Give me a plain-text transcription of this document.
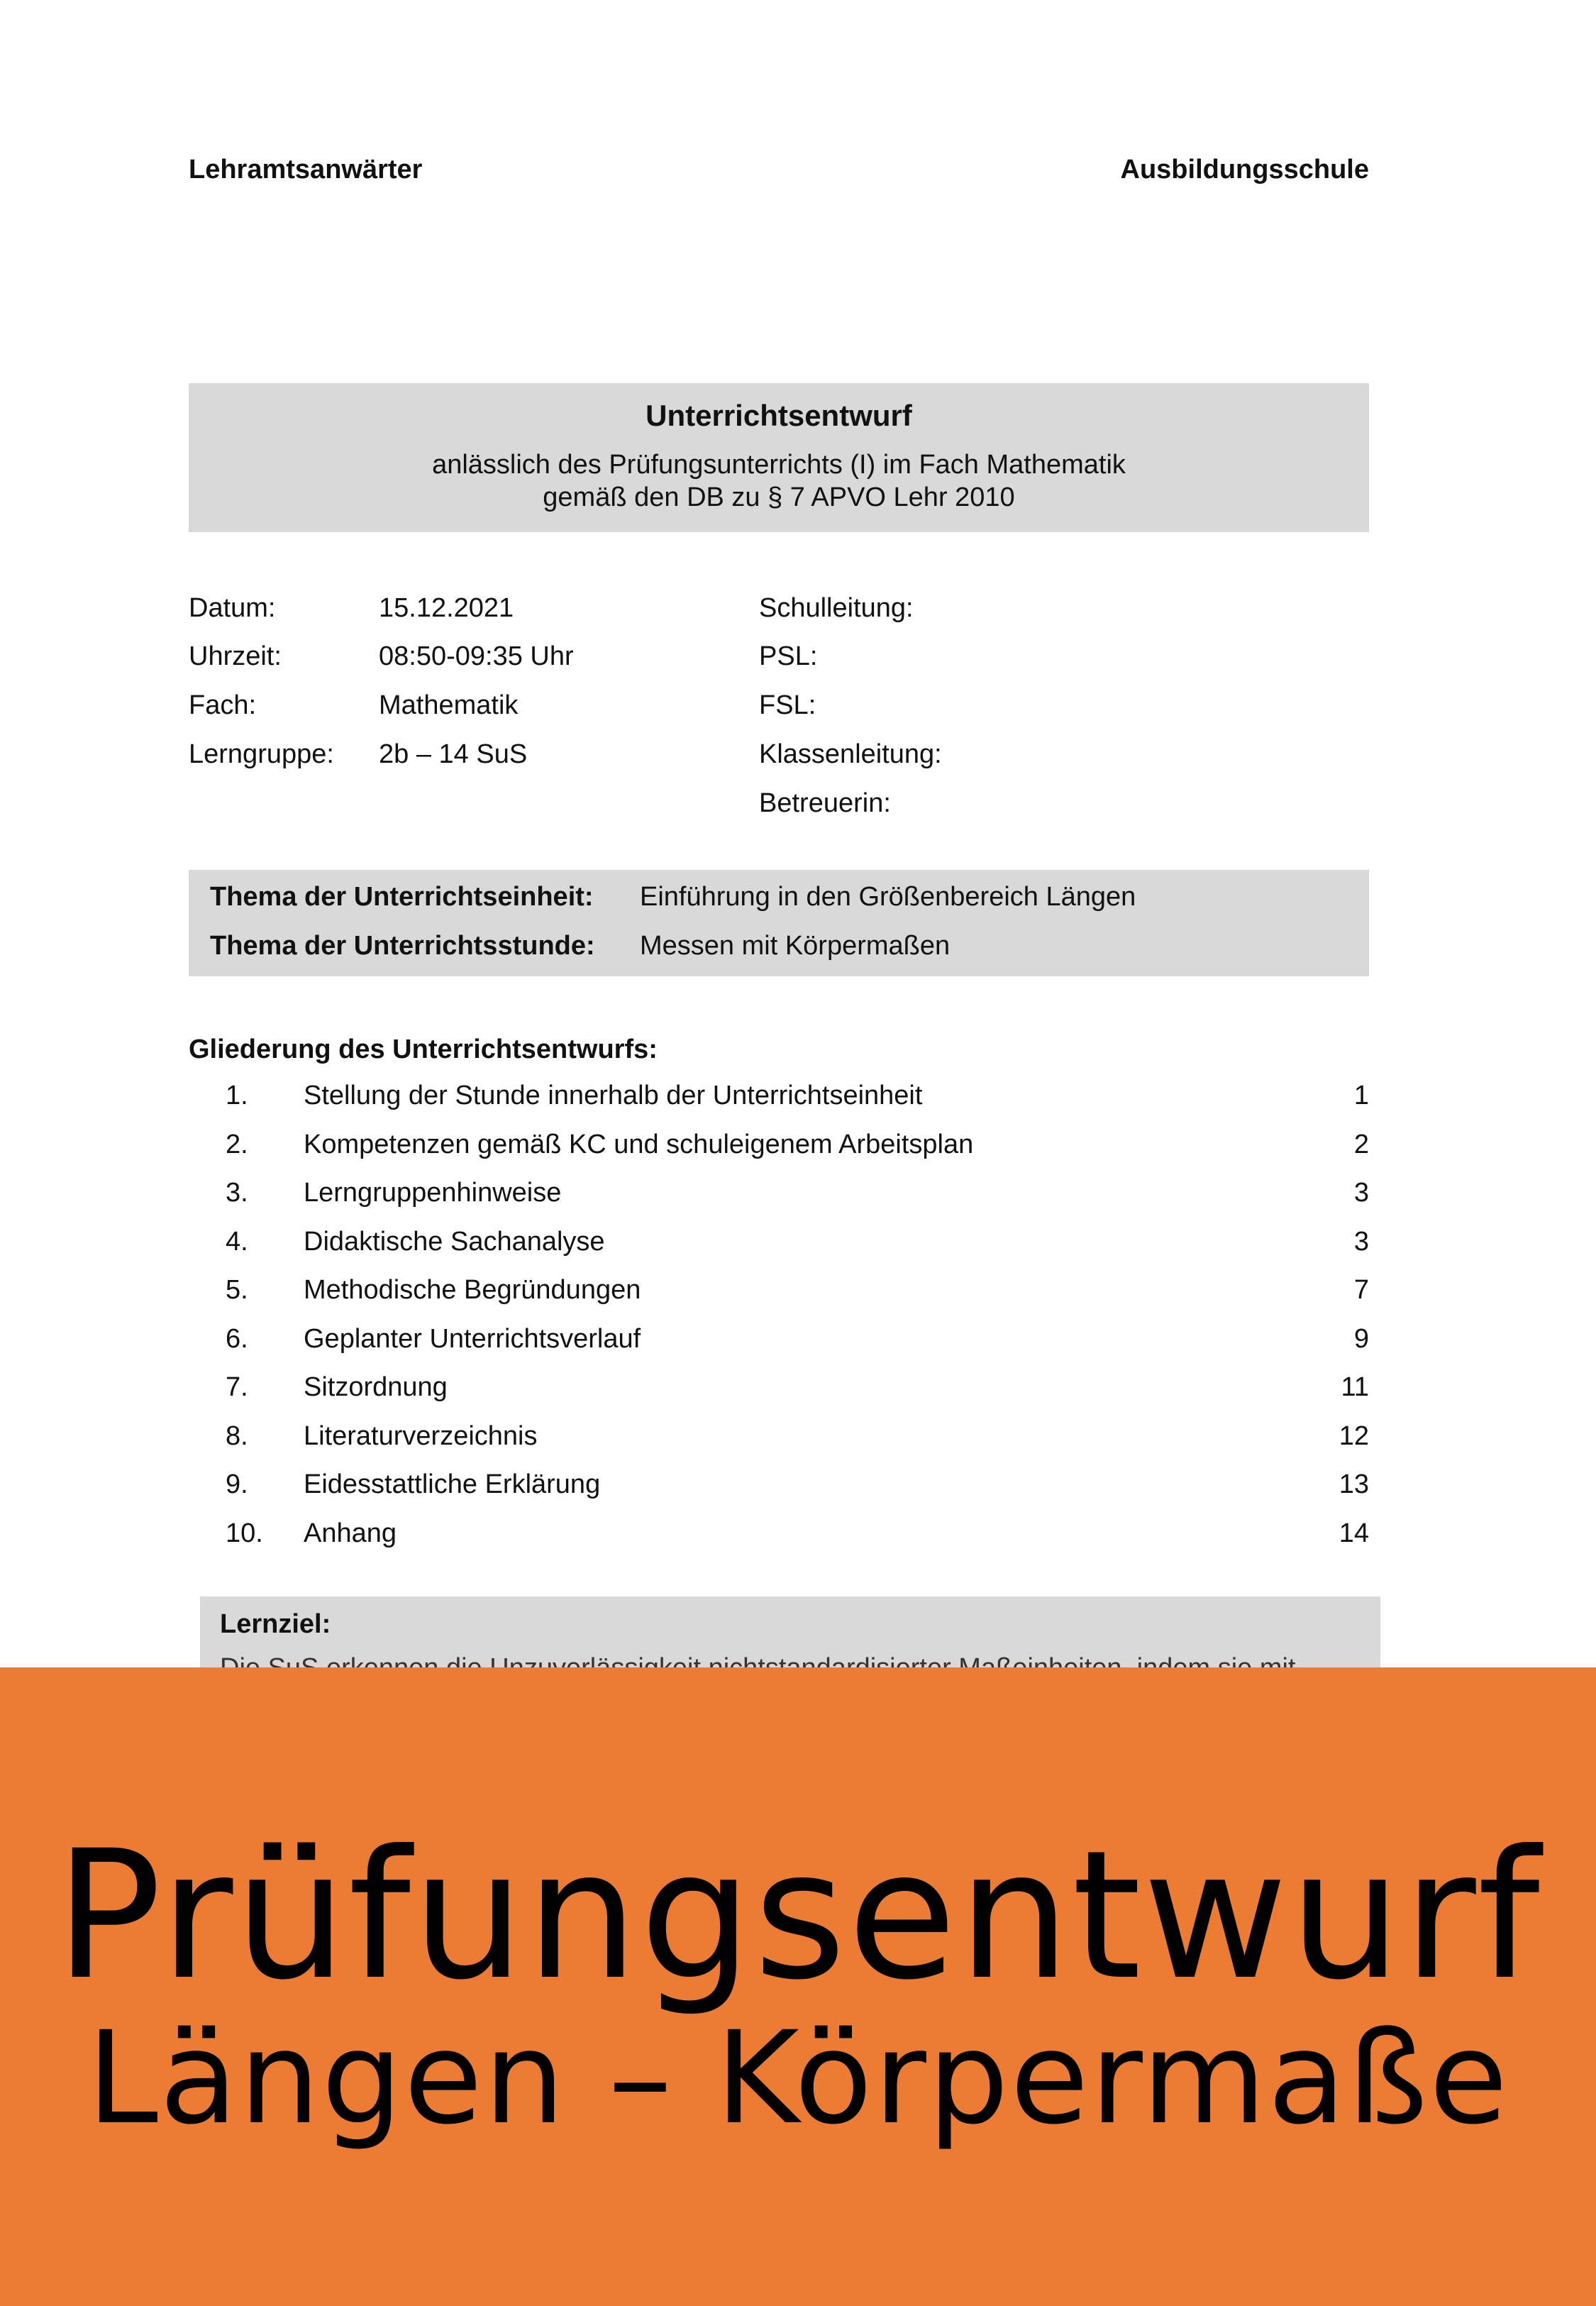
Lehramtsanwärter	Ausbildungsschule
Unterrichtsentwurf
anlässlich des Prüfungsunterrichts (I) im Fach Mathematik
gemäß den DB zu § 7 APVO Lehr 2010
Datum:	15.12.2021
Uhrzeit:	08:50-09:35 Uhr
Fach:	Mathematik
Lerngruppe: 2b – 14 SuS
Schulleitung:
PSL:
FSL:
Klassenleitung:
Betreuerin:
Thema der Unterrichtseinheit: Einführung in den Größenbereich Längen
Thema der Unterrichtsstunde: Messen mit Körpermaßen
Gliederung des Unterrichtsentwurfs:
1. Stellung der Stunde innerhalb der Unterrichtseinheit	1
2. Kompetenzen gemäß KC und schuleigenem Arbeitsplan	2
3. Lerngruppenhinweise	3
4. Didaktische Sachanalyse	3
5. Methodische Begründungen	7
6. Geplanter Unterrichtsverlauf	9
7. Sitzordnung	11
8. Literaturverzeichnis	12
9. Eidesstattliche Erklärung	13
10. Anhang	14
Lernziel:
Prüfungsentwurf
Längen – Körpermaße
